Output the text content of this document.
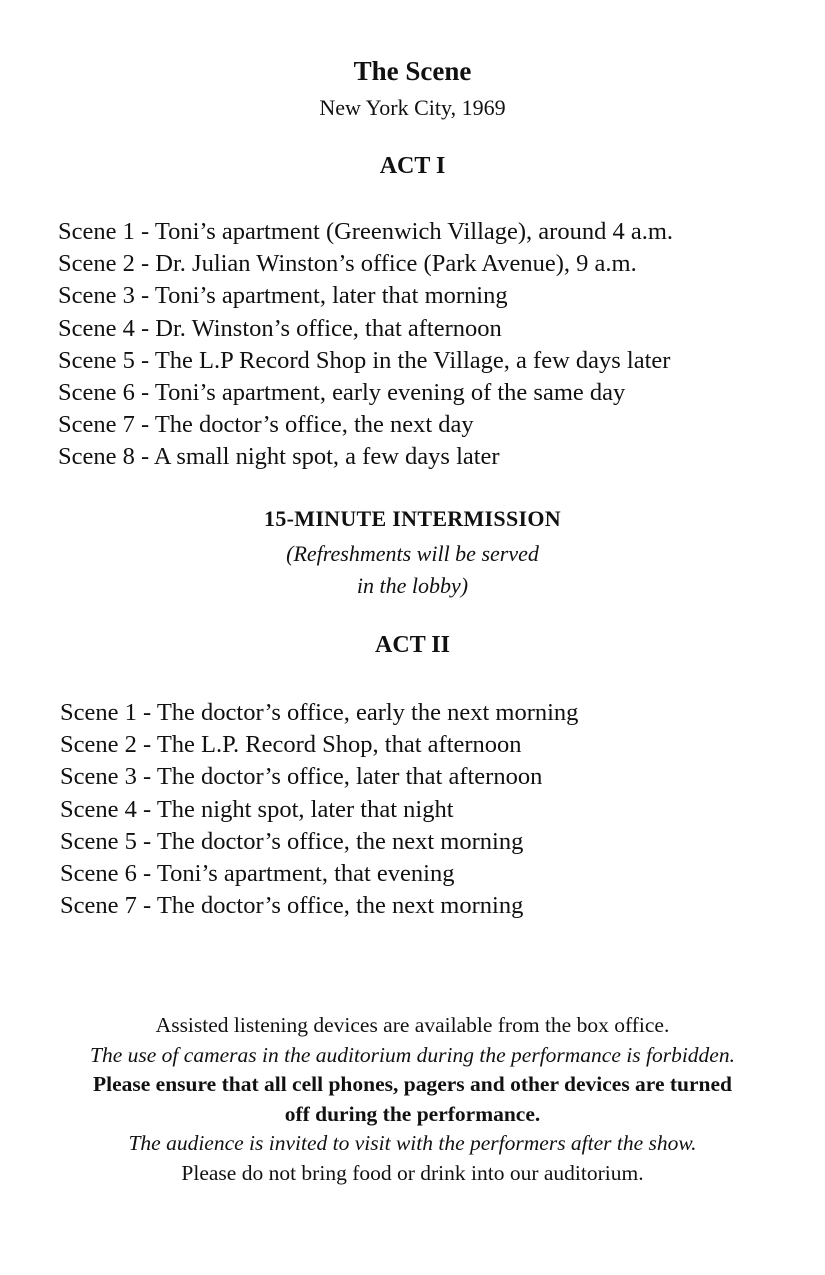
The Scene
New York City, 1969
ACT I
Scene 1 - Toni’s apartment (Greenwich Village), around 4 a.m.
Scene 2 - Dr. Julian Winston’s office (Park Avenue), 9 a.m.
Scene 3 - Toni’s apartment, later that morning
Scene 4 - Dr. Winston’s office, that afternoon
Scene 5 - The L.P Record Shop in the Village, a few days later
Scene 6 - Toni’s apartment, early evening of the same day
Scene 7 - The doctor’s office, the next day
Scene 8 - A small night spot, a few days later
15-MINUTE INTERMISSION
(Refreshments will be served
in the lobby)
ACT II
Scene 1 - The doctor’s office, early the next morning
Scene 2 - The L.P. Record Shop, that afternoon
Scene 3 - The doctor’s office, later that afternoon
Scene 4 - The night spot, later that night
Scene 5 - The doctor’s office, the next morning
Scene 6 - Toni’s apartment, that evening
Scene 7 - The doctor’s office, the next morning
Assisted listening devices are available from the box office.
The use of cameras in the auditorium during the performance is forbidden.
Please ensure that all cell phones, pagers and other devices are turned off during the performance.
The audience is invited to visit with the performers after the show.
Please do not bring food or drink into our auditorium.
